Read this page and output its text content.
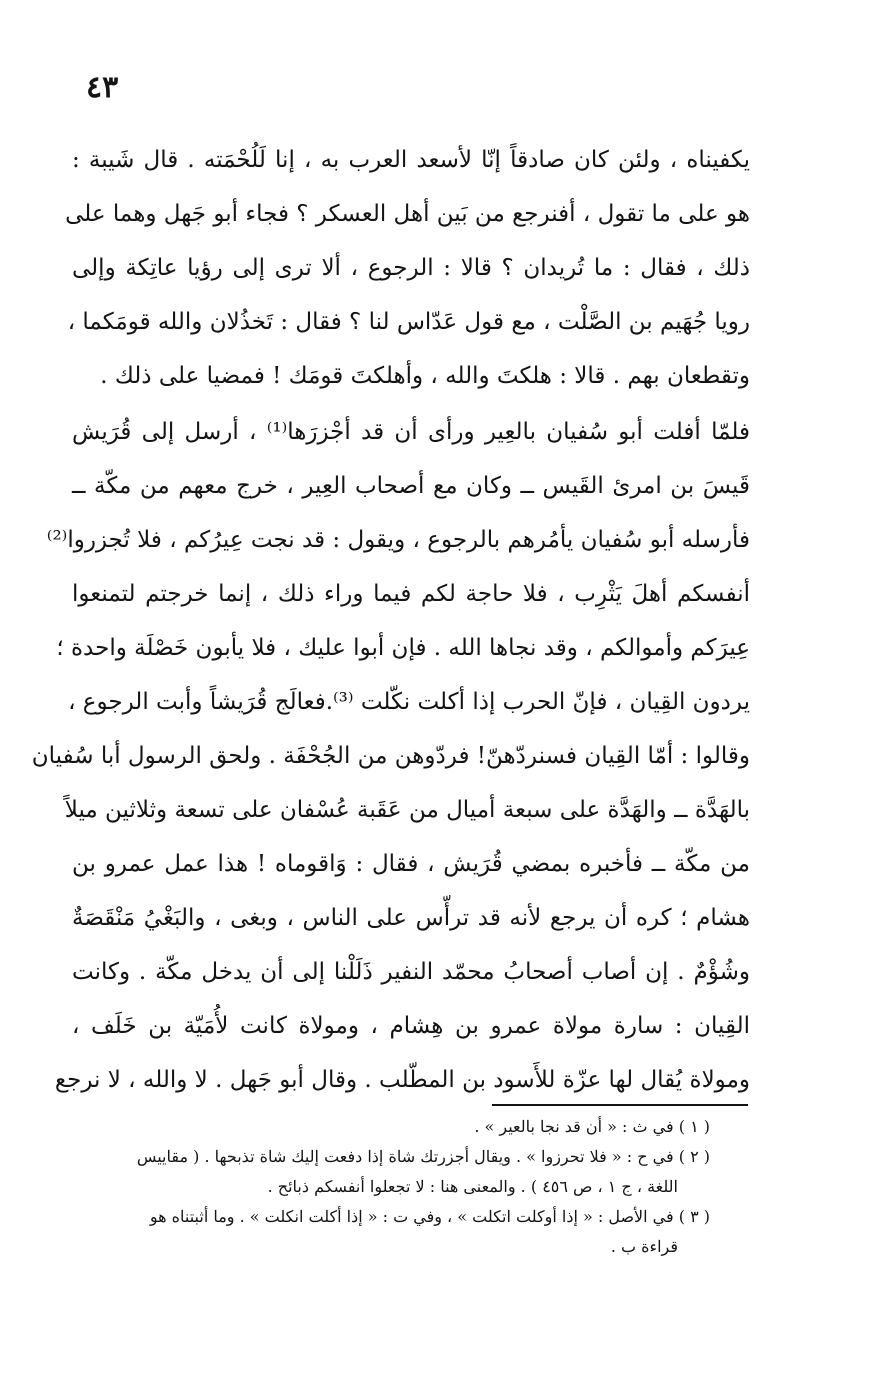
٤٣
يكفيناه ، ولئن كان صادقاً إنّا لأسعد العرب به ، إنا لَلُحْمَته . قال شَيبة :
هو على ما تقول ، أفنرجع من بَين أهل العسكر ؟ فجاء أبو جَهل وهما على
ذلك ، فقال : ما تُريدان ؟ قالا : الرجوع ، ألا ترى إلى رؤيا عاتِكة وإلى
رويا جُهَيم بن الصَّلْت ، مع قول عَدّاس لنا ؟ فقال : تَخذُلان والله قومَكما ،
وتقطعان بهم . قالا : هلكتَ والله ، وأهلكتَ قومَك ! فمضيا على ذلك .
فلمّا أفلت أبو سُفيان بالعِير ورأى أن قد أجْزرَها⁽¹⁾ ، أرسل إلى قُرَيش
قَيسَ بن امرئ القَيس ــ وكان مع أصحاب العِير ، خرج معهم من مكّة ــ
فأرسله أبو سُفيان يأمُرهم بالرجوع ، ويقول : قد نجت عِيرُكم ، فلا تُجزروا⁽²⁾
أنفسكم أهلَ يَثْرِب ، فلا حاجة لكم فيما وراء ذلك ، إنما خرجتم لتمنعوا
عِيرَكم وأموالكم ، وقد نجاها الله . فإن أبوا عليك ، فلا يأبون خَصْلَة واحدة ؛
يردون القِيان ، فإنّ الحرب إذا أكلت نكّلت ⁽³⁾.فعالَج قُرَيشاً وأبت الرجوع ،
وقالوا : أمّا القِيان فسنردّهنّ! فردّوهن من الجُحْفَة . ولحق الرسول أبا سُفيان
بالهَدَّة ــ والهَدَّة على سبعة أميال من عَقَبة عُسْفان على تسعة وثلاثين ميلاً
من مكّة ــ فأخبره بمضي قُرَيش ، فقال : وَاقوماه ! هذا عمل عمرو بن
هشام ؛ كره أن يرجع لأنه قد ترأّس على الناس ، وبغى ، والبَغْيُ مَنْقَصَةٌ
وشُؤْمٌ . إن أصاب أصحابُ محمّد النفير ذَلَلْنا إلى أن يدخل مكّة . وكانت
القِيان : سارة مولاة عمرو بن هِشام ، ومولاة كانت لأُمَيّة بن خَلَف ،
ومولاة يُقال لها عزّة للأَسود بن المطّلب . وقال أبو جَهل . لا والله ، لا نرجع
( ١ ) في ث : « أن قد نجا بالعير » .
( ٢ ) في ح : « فلا تحرزوا » . ويقال أجزرتك شاة إذا دفعت إليك شاة تذبحها . ( مقاييس
اللغة ، ج ١ ، ص ٤٥٦ ) . والمعنى هنا : لا تجعلوا أنفسكم ذبائح .
( ٣ ) في الأصل : « إذا أوكلت اتكلت » ، وفي ت : « إذا أكلت انكلت » . وما أثبتناه هو
قراءة ب .
